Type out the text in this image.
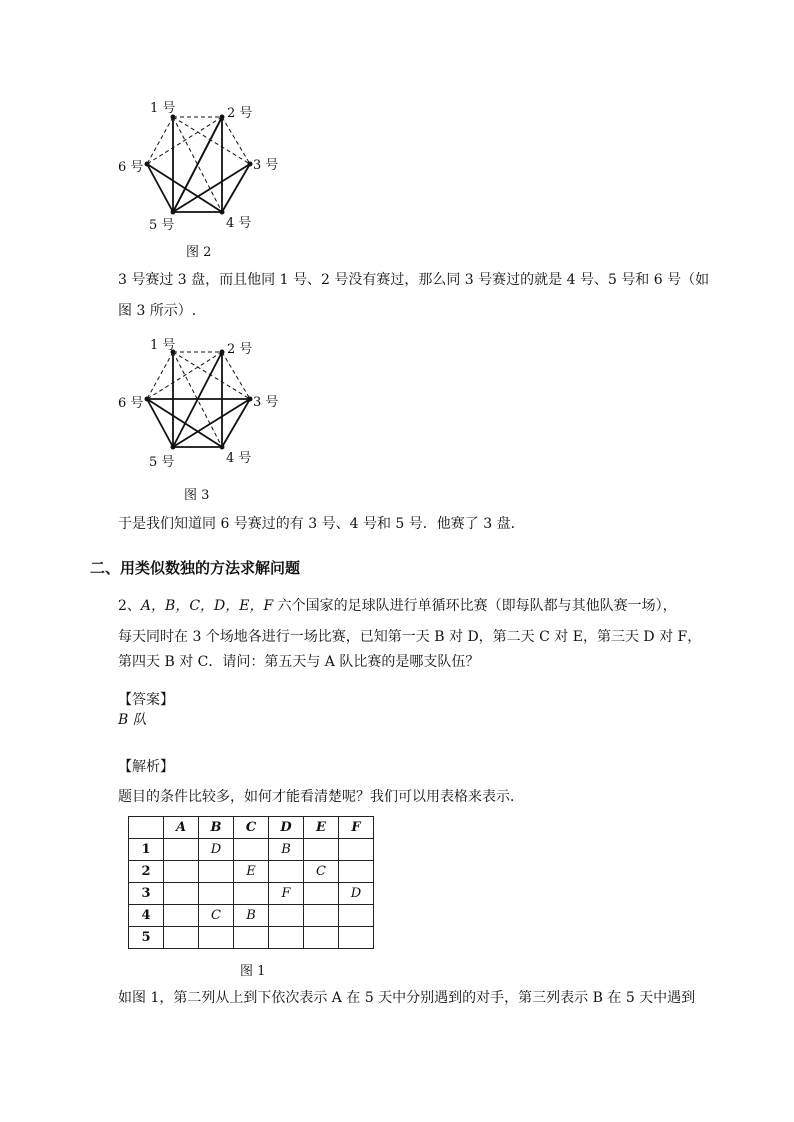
1 号	2 号
3 号
4 号
5 号
6 号
图 2
3 号赛过 3 盘，而且他同 1 号、2 号没有赛过，那么同 3 号赛过的就是 4 号、5 号和 6 号（如
图 3 所示）.
1 号	2 号
3 号
4 号
5 号
6 号
图 3
于是我们知道同 6 号赛过的有 3 号、4 号和 5 号．他赛了 3 盘．
二、用类似数独的方法求解问题
2、A，B，C，D，E，F 六个国家的足球队进行单循环比赛（即每队都与其他队赛一场），
每天同时在 3 个场地各进行一场比赛，已知第一天 B 对 D，第二天 C 对 E，第三天 D 对 F，
第四天 B 对 C．请问：第五天与 A 队比赛的是哪支队伍？
【答案】
B 队
【解析】
题目的条件比较多，如何才能看清楚呢？我们可以用表格来表示．
	A	B	C	D	E	F
1		D		B		
2			E		C	
3				F		D
4		C	B			
5						
图 1
如图 1，第二列从上到下依次表示 A 在 5 天中分别遇到的对手，第三列表示 B 在 5 天中遇到
